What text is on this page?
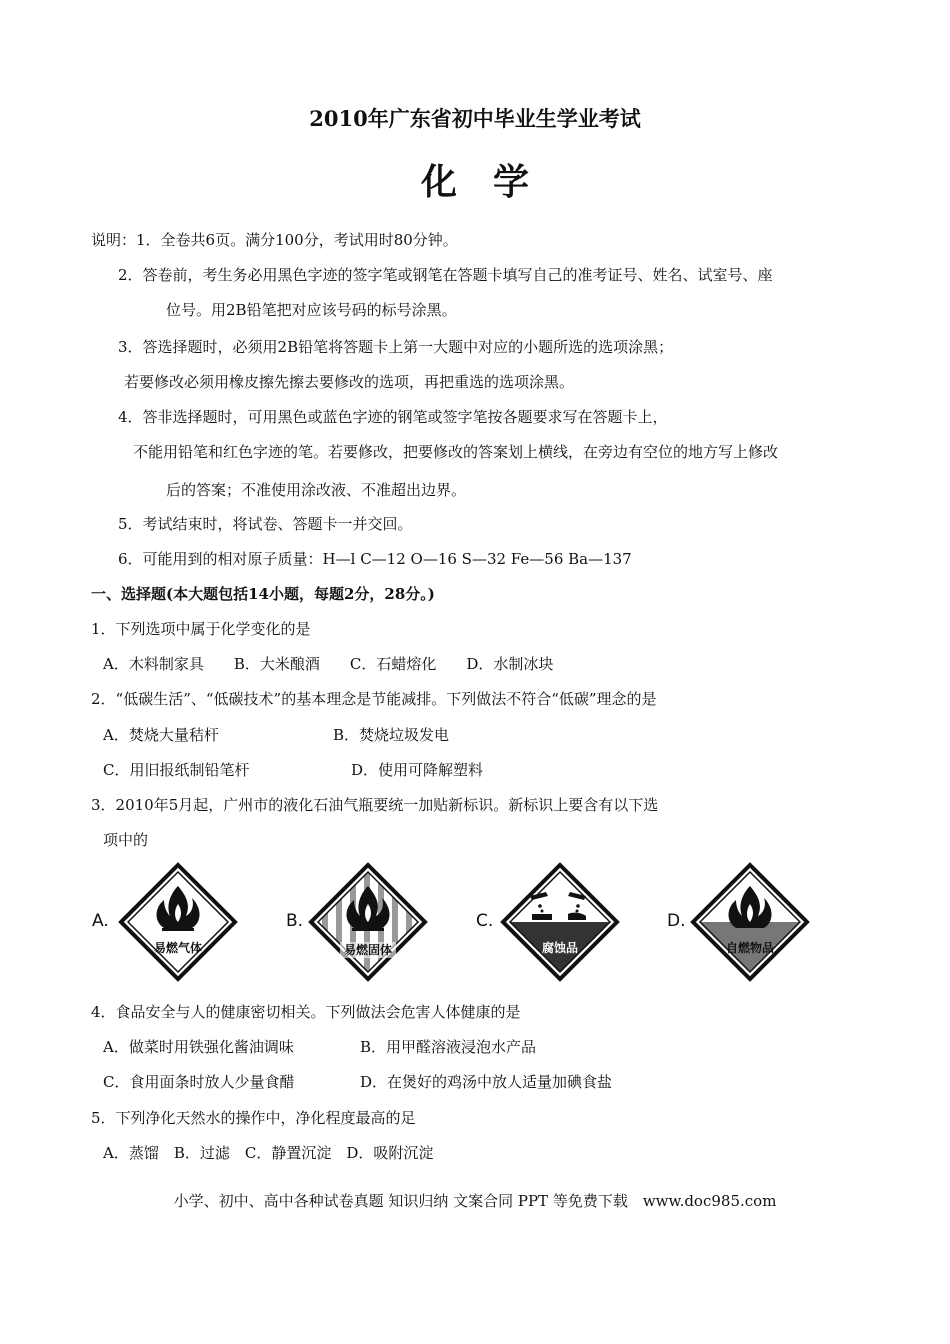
2010年广东省初中毕业生学业考试
化　学
说明：1．全卷共6页。满分100分，考试用时80分钟。
2．答卷前，考生务必用黑色字迹的签字笔或钢笔在答题卡填写自己的准考证号、姓名、试室号、座
位号。用2B铅笔把对应该号码的标号涂黑。
3．答选择题时，必须用2B铅笔将答题卡上第一大题中对应的小题所选的选项涂黑；
若要修改必须用橡皮擦先擦去要修改的选项，再把重选的选项涂黑。
4．答非选择题时，可用黑色或蓝色字迹的钢笔或签字笔按各题要求写在答题卡上，
不能用铅笔和红色字迹的笔。若要修改，把要修改的答案划上横线，在旁边有空位的地方写上修改
后的答案；不准使用涂改液、不准超出边界。
5．考试结束时，将试卷、答题卡一并交回。
6．可能用到的相对原子质量：H—l C—12 O—16 S—32 Fe—56 Ba—137
一、选择题(本大题包括14小题，每题2分，28分。)
1．下列选项中属于化学变化的是
A．木料制家具　　B．大米酿酒　　C．石蜡熔化　　D．水制冰块
2．“低碳生活”、“低碳技术”的基本理念是节能减排。下列做法不符合“低碳”理念的是
A．焚烧大量秸杆	B．焚烧垃圾发电
C．用旧报纸制铅笔杆	D．使用可降解塑料
3．2010年5月起，广州市的液化石油气瓶要统一加贴新标识。新标识上要含有以下选
项中的
A.
易燃气体
B.
易燃固体
C.
腐蚀品
D.
自燃物品
4．食品安全与人的健康密切相关。下列做法会危害人体健康的是
A．做菜时用铁强化酱油调味	B．用甲醛溶液浸泡水产品
C．食用面条时放人少量食醋	D．在煲好的鸡汤中放人适量加碘食盐
5．下列净化天然水的操作中，净化程度最高的足
A．蒸馏　B．过滤　C．静置沉淀　D．吸附沉淀
小学、初中、高中各种试卷真题 知识归纳 文案合同 PPT 等免费下载　www.doc985.com
